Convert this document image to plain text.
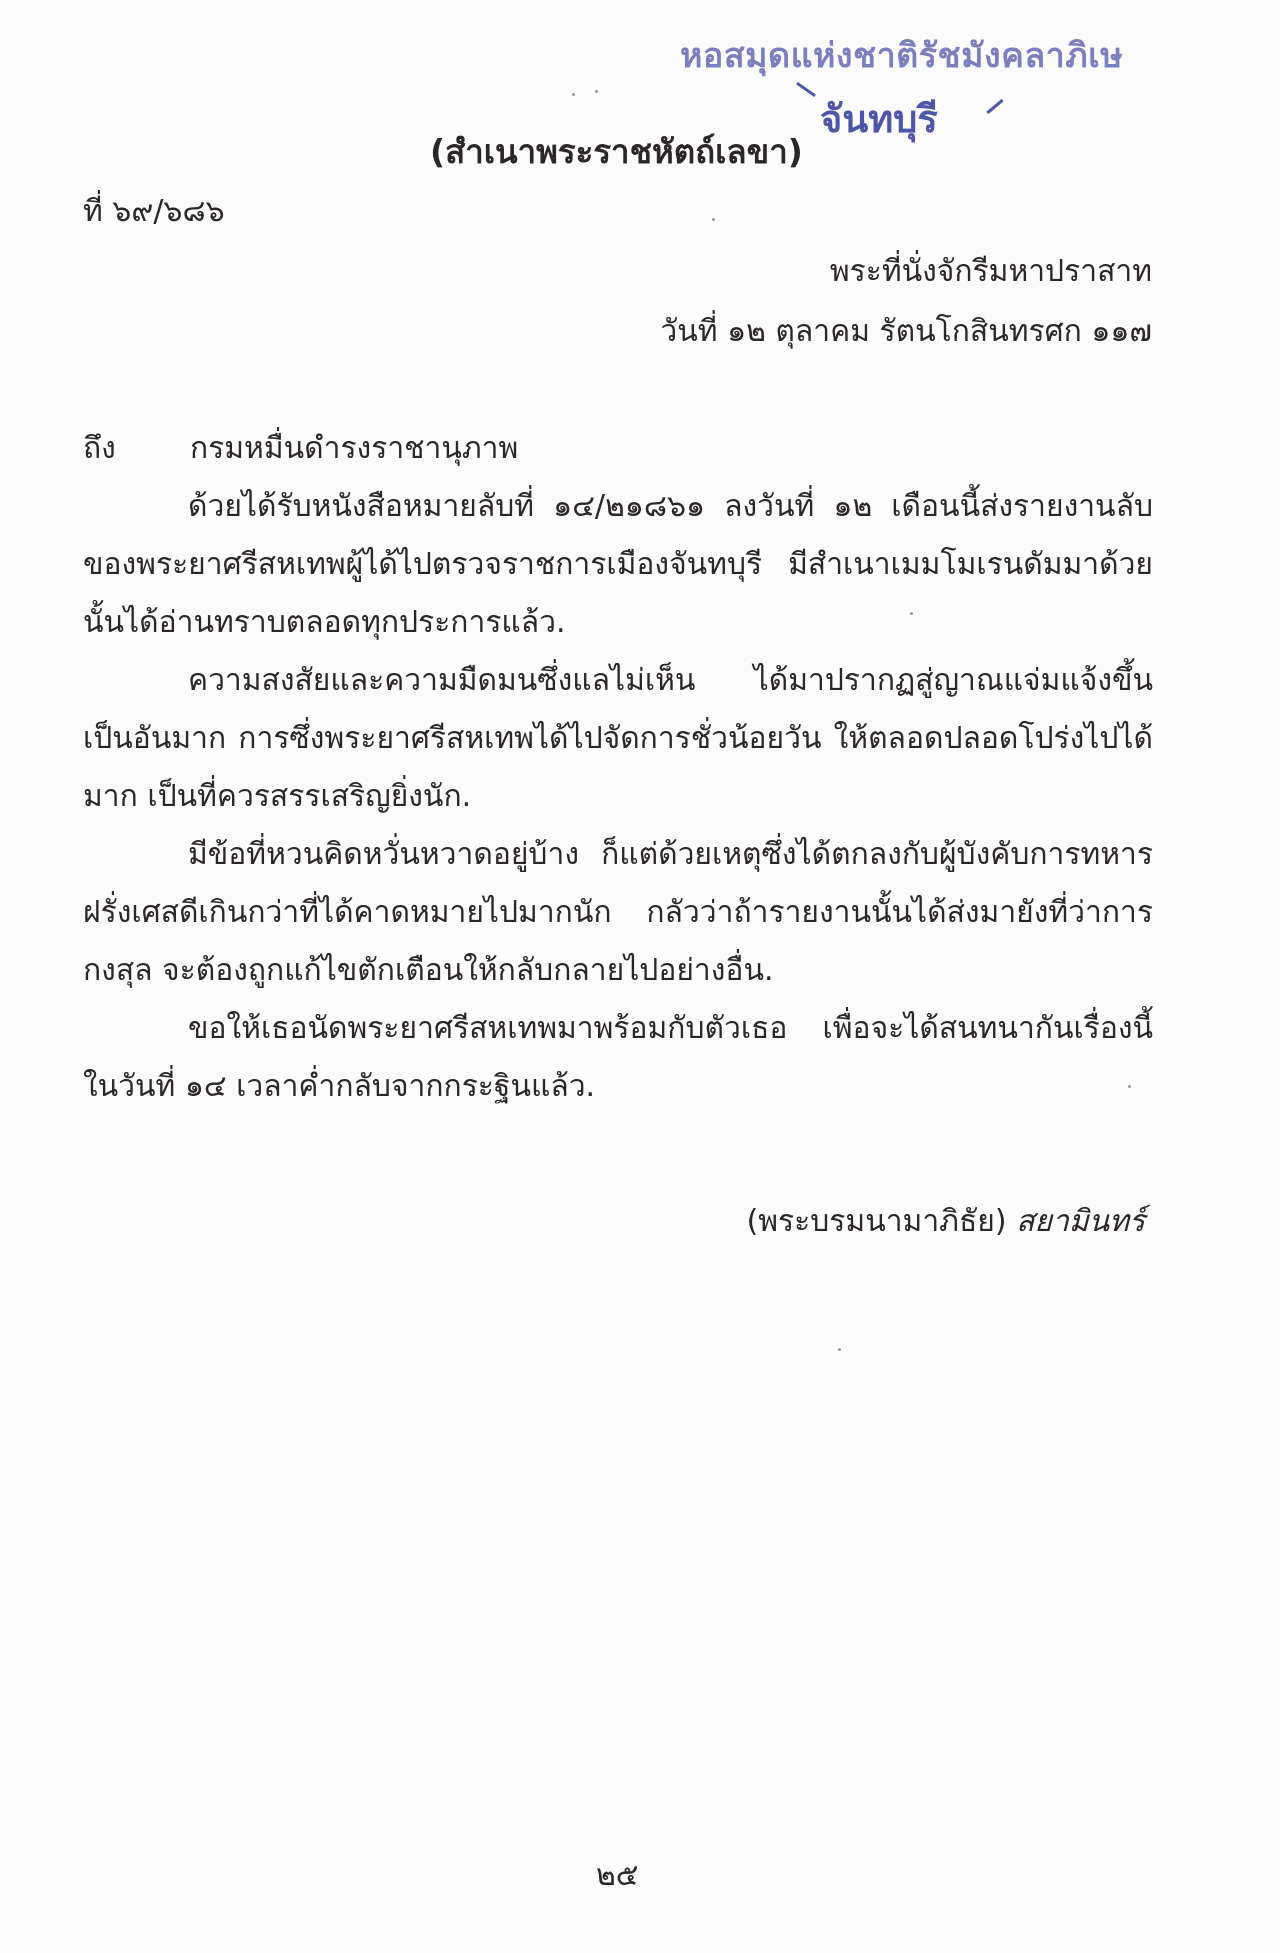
หอสมุดแห่งชาติรัชมังคลาภิเษ
จันทบุรี
(สำเนาพระราชหัตถ์เลขา)
ที่ ๖๙/๖๘๖
พระที่นั่งจักรีมหาปราสาท
วันที่ ๑๒ ตุลาคม รัตนโกสินทรศก ๑๑๗
ถึง กรมหมื่นดำรงราชานุภาพ

ด้วยได้รับหนังสือหมายลับที่ ๑๔/๒๑๘๖๑ ลงวันที่ ๑๒ เดือนนี้ส่งรายงานลับของพระยาศรีสหเทพผู้ได้ไปตรวจราชการเมืองจันทบุรี มีสำเนาเมมโมเรนดัมมาด้วยนั้นได้อ่านทราบตลอดทุกประการแล้ว.

ความสงสัยและความมืดมนซึ่งแลไม่เห็น ได้มาปรากฏสู่ญาณแจ่มแจ้งขึ้นเป็นอันมาก การซึ่งพระยาศรีสหเทพได้ไปจัดการชั่วน้อยวัน ให้ตลอดปลอดโปร่งไปได้มาก เป็นที่ควรสรรเสริญยิ่งนัก.

มีข้อที่หวนคิดหวั่นหวาดอยู่บ้าง ก็แต่ด้วยเหตุซึ่งได้ตกลงกับผู้บังคับการทหารฝรั่งเศสดีเกินกว่าที่ได้คาดหมายไปมากนัก กลัวว่าถ้ารายงานนั้นได้ส่งมายังที่ว่าการกงสุล จะต้องถูกแก้ไขตักเตือนให้กลับกลายไปอย่างอื่น.

ขอให้เธอนัดพระยาศรีสหเทพมาพร้อมกับตัวเธอ เพื่อจะได้สนทนากันเรื่องนี้ในวันที่ ๑๔ เวลาค่ำกลับจากกระฐินแล้ว.

(พระบรมนามาภิธัย) สยามินทร์
๒๕
